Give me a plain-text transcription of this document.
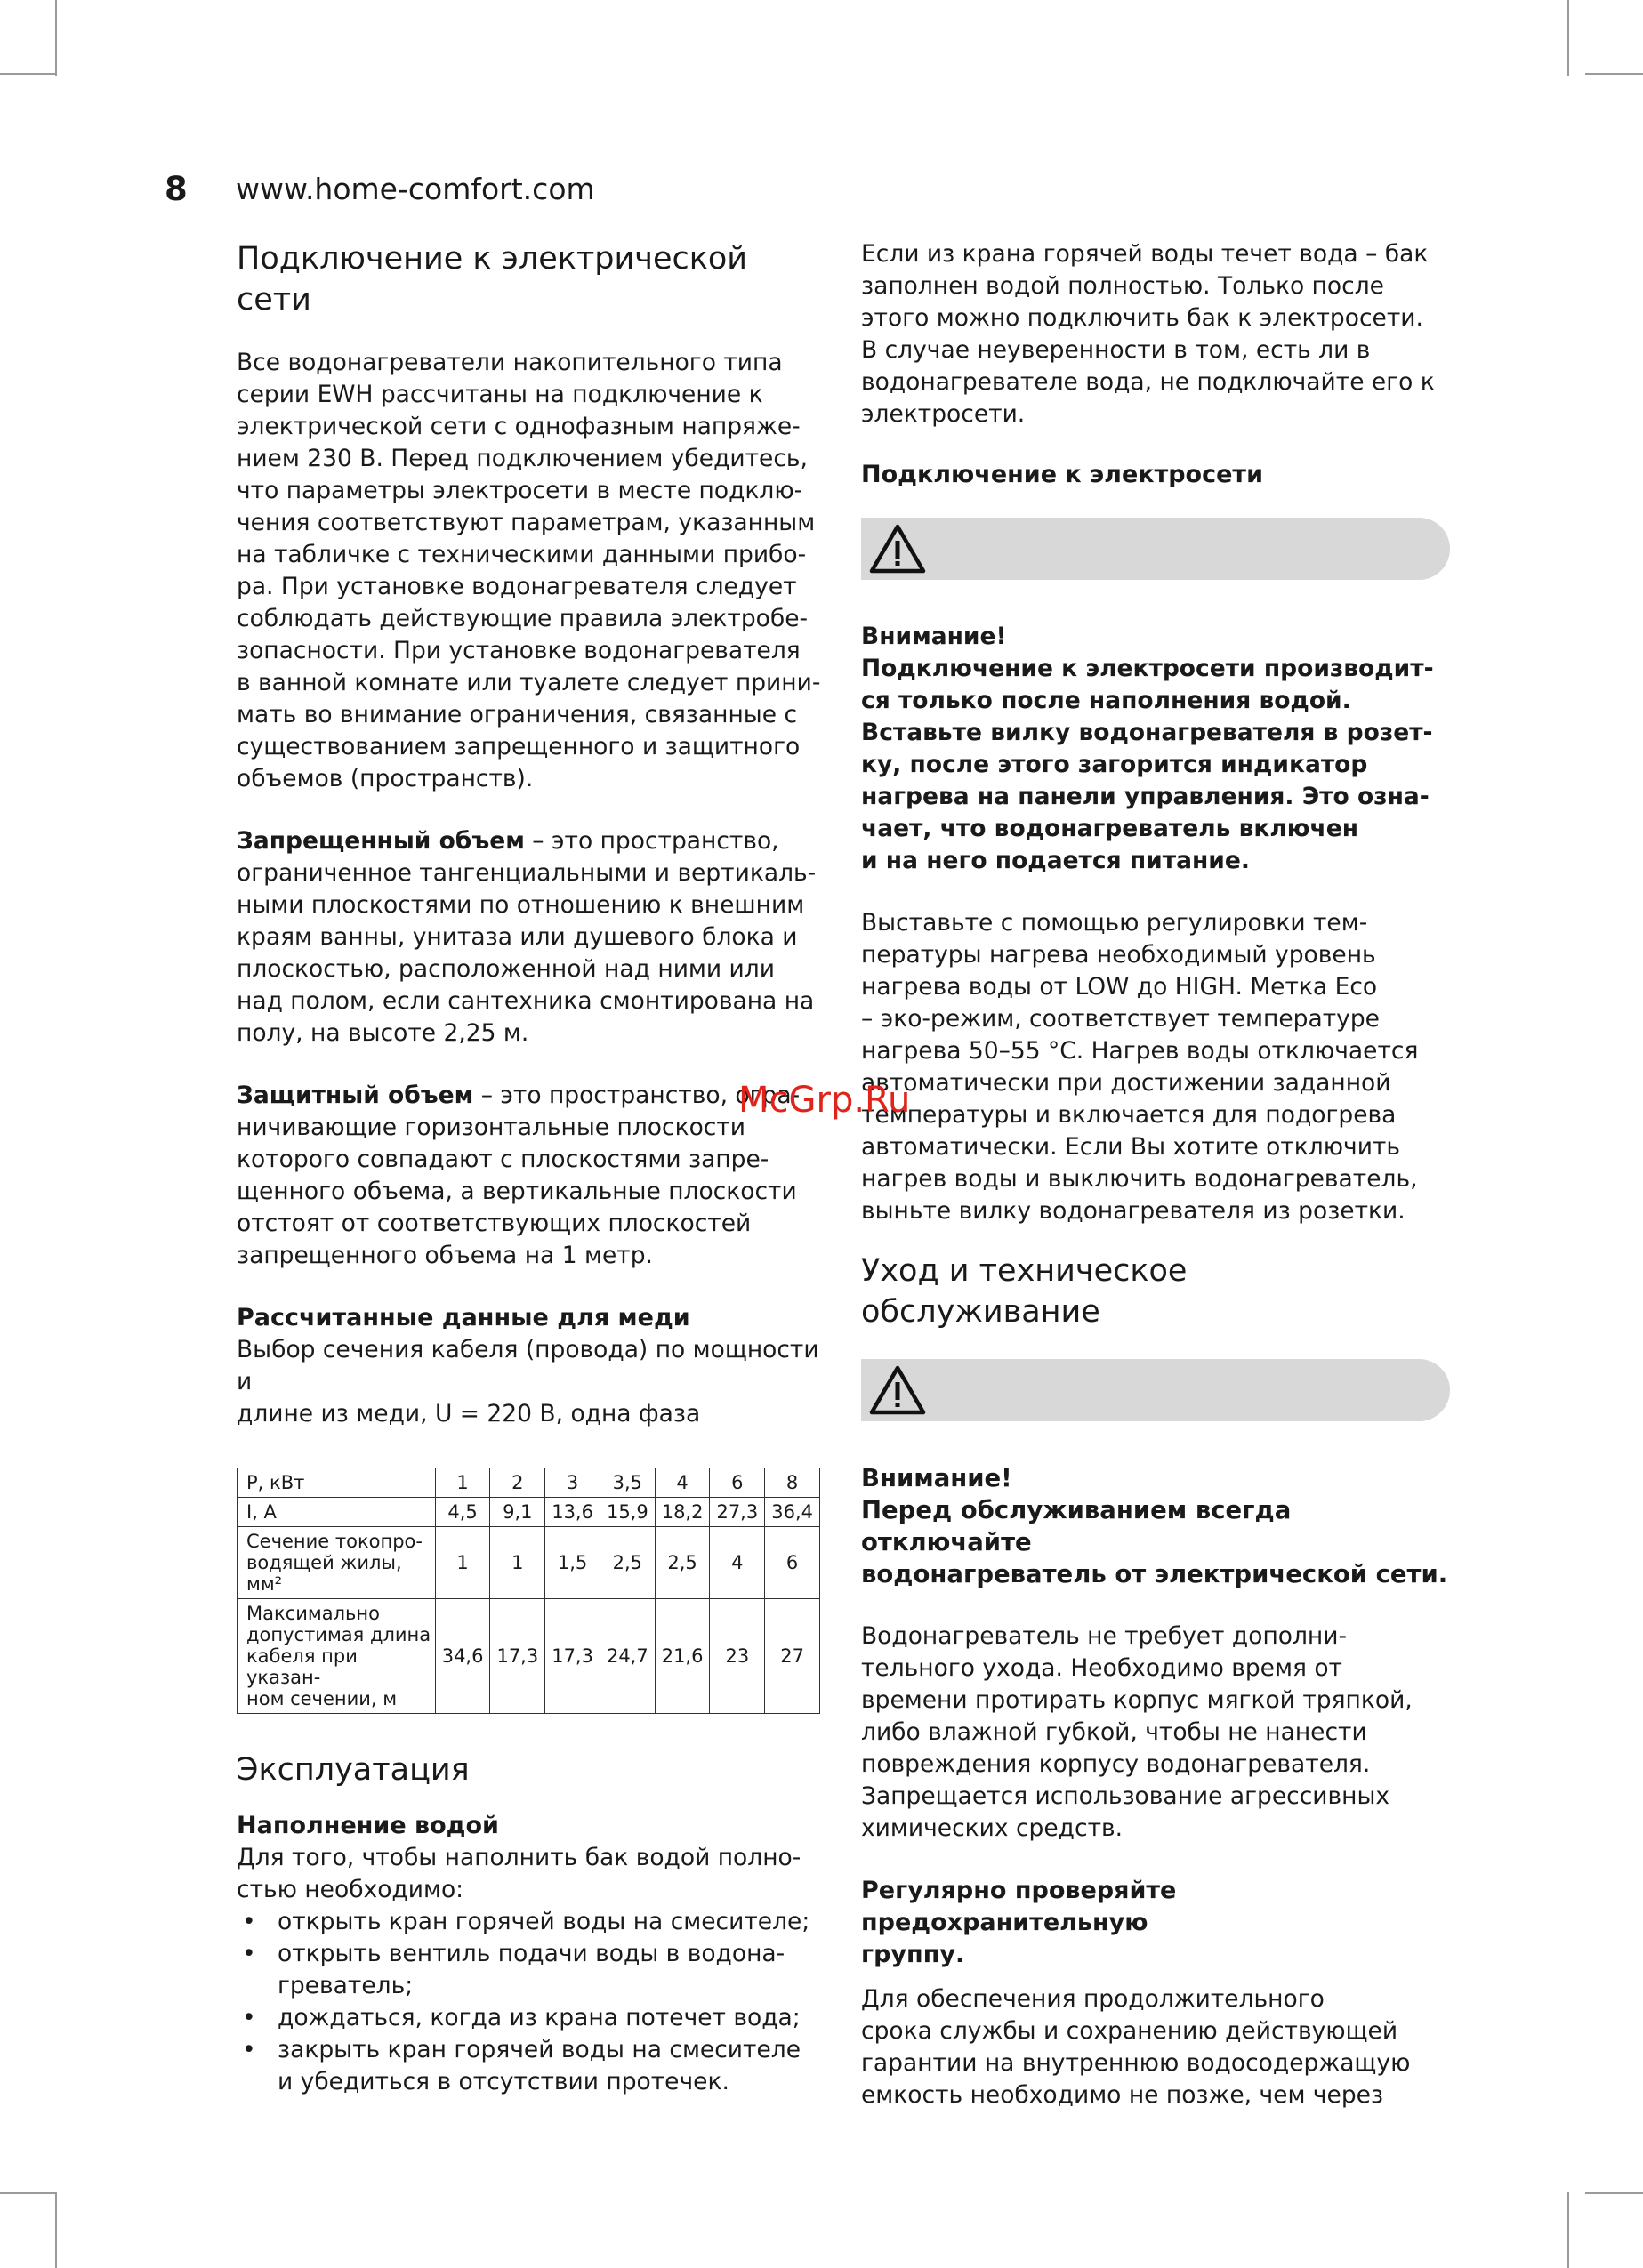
8 www.home-comfort.com
Подключение к электрической сети

Все водонагреватели накопительного типа
серии EWH рассчитаны на подключение к
электрической сети с однофазным напряже-
нием 230 В. Перед подключением убедитесь,
что параметры электросети в месте подклю-
чения соответствуют параметрам, указанным
на табличке с техническими данными прибо-
ра. При установке водонагревателя следует
соблюдать действующие правила электробе-
зопасности. При установке водонагревателя
в ванной комнате или туалете следует прини-
мать во внимание ограничения, связанные с
существованием запрещенного и защитного
объемов (пространств).

Запрещенный объем – это пространство,
ограниченное тангенциальными и вертикаль-
ными плоскостями по отношению к внешним
краям ванны, унитаза или душевого блока и
плоскостью, расположенной над ними или
над полом, если сантехника смонтирована на
полу, на высоте 2,25 м.

Защитный объем – это пространство, огра-
ничивающие горизонтальные плоскости
которого совпадают с плоскостями запре-
щенного объема, а вертикальные плоскости
отстоят от соответствующих плоскостей
запрещенного объема на 1 метр.

Рассчитанные данные для меди

Выбор сечения кабеля (провода) по мощности и
длине из меди, U = 220 В, одна фаза

P, кВт	1	2	3	3,5	4	6	8
I, A	4,5	9,1	13,6	15,9	18,2	27,3	36,4
Сечение токопро-
водящей жилы,
мм²	1	1	1,5	2,5	2,5	4	6
Максимально
допустимая длина
кабеля при указан-
ном сечении, м	34,6	17,3	17,3	24,7	21,6	23	27
Эксплуатация
Наполнение водой

Для того, чтобы наполнить бак водой полно-
стью необходимо:

• открыть кран горячей воды на смесителе;
• открыть вентиль подачи воды в водона-
греватель;
• дождаться, когда из крана потечет вода;
• закрыть кран горячей воды на смесителе
и убедиться в отсутствии протечек.

Если из крана горячей воды течет вода – бак
заполнен водой полностью. Только после
этого можно подключить бак к электросети.
В случае неуверенности в том, есть ли в
водонагревателе вода, не подключайте его к
электросети.

Подключение к электросети
Внимание!
Подключение к электросети производит-
ся только после наполнения водой.
Вставьте вилку водонагревателя в розет-
ку, после этого загорится индикатор
нагрева на панели управления. Это озна-
чает, что водонагреватель включен
и на него подается питание.

Выставьте с помощью регулировки тем-
пературы нагрева необходимый уровень
нагрева воды от LOW до HIGH. Метка Eco
– эко-режим, соответствует температуре
нагрева 50–55 °С. Нагрев воды отключается
автоматически при достижении заданной
температуры и включается для подогрева
автоматически. Если Вы хотите отключить
нагрев воды и выключить водонагреватель,
выньте вилку водонагревателя из розетки.

Уход и техническое
обслуживание
Внимание!
Перед обслуживанием всегда отключайте
водонагреватель от электрической сети.

Водонагреватель не требует дополни-
тельного ухода. Необходимо время от
времени протирать корпус мягкой тряпкой,
либо влажной губкой, чтобы не нанести
повреждения корпусу водонагревателя.
Запрещается использование агрессивных
химических средств.

Регулярно проверяйте предохранительную
группу.

Для обеспечения продолжительного
срока службы и сохранению действующей
гарантии на внутреннюю водосодержащую
емкость необходимо не позже, чем через

McGrp.Ru
